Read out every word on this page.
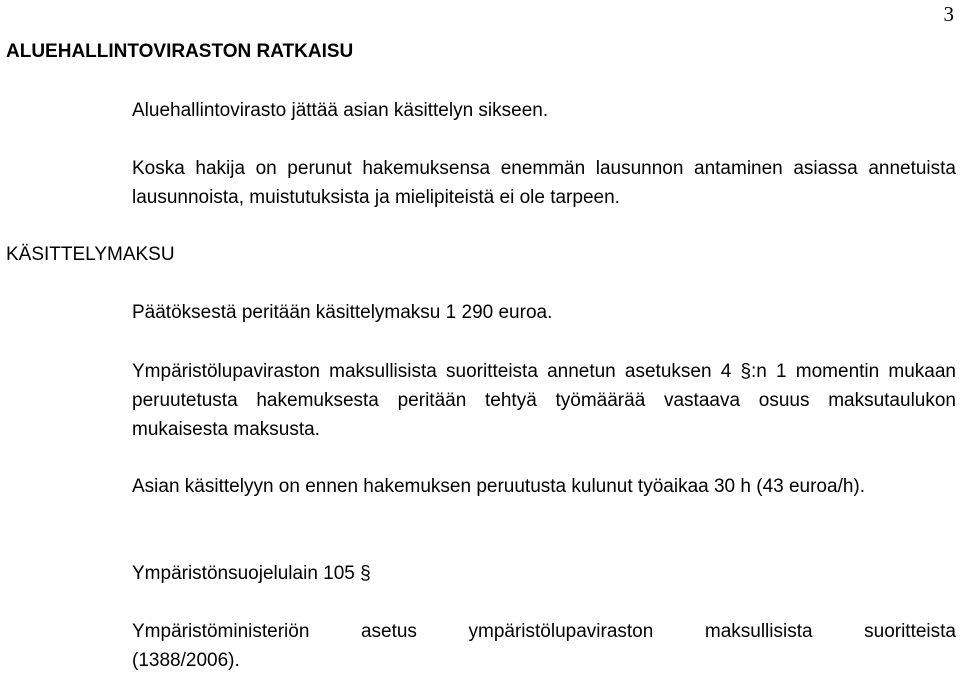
3
ALUEHALLINTOVIRASTON RATKAISU

Aluehallintovirasto jättää asian käsittelyn sikseen.

Koska hakija on perunut hakemuksensa enemmän lausunnon antaminen asiassa annetuista lausunnoista, muistutuksista ja mielipiteistä ei ole tarpeen.

KÄSITTELYMAKSU

Päätöksestä peritään käsittelymaksu 1 290 euroa.

Ympäristölupaviraston maksullisista suoritteista annetun asetuksen 4 §:n 1 momentin mukaan peruutetusta hakemuksesta peritään tehtyä työmäärää vastaava osuus maksutaulukon mukaisesta maksusta.

Asian käsittelyyn on ennen hakemuksen peruutusta kulunut työaikaa 30 h (43 euroa/h).

Ympäristönsuojelulain 105 §

Ympäristöministeriön asetus ympäristölupaviraston maksullisista suoritteista
(1388/2006).
